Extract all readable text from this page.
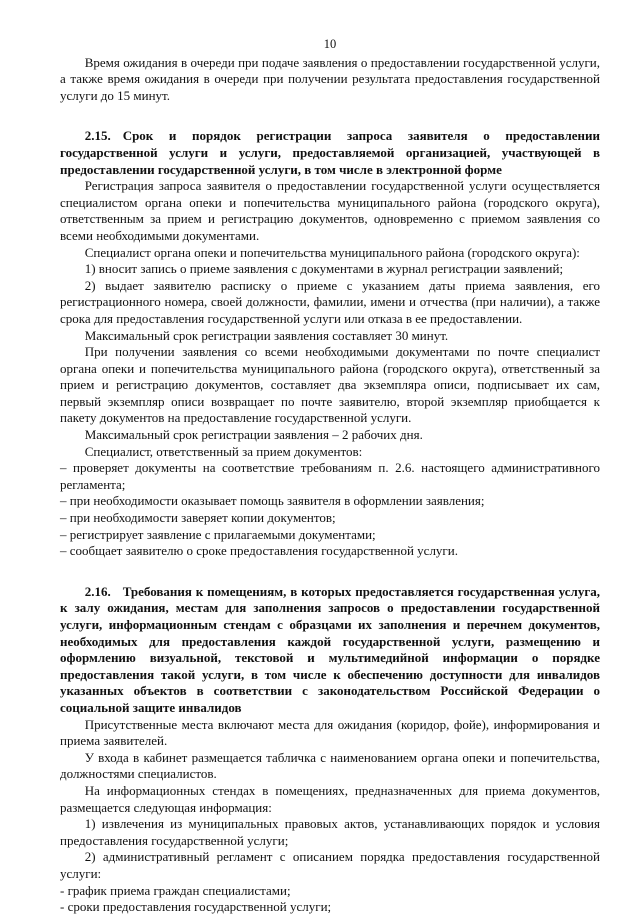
10

Время ожидания в очереди при подаче заявления о предоставлении государственной услуги, а также время ожидания в очереди при получении результата предоставления государственной услуги до 15 минут.

2.15. Срок и порядок регистрации запроса заявителя о предоставлении государственной услуги и услуги, предоставляемой организацией, участвующей в предоставлении государственной услуги, в том числе в электронной форме

Регистрация запроса заявителя о предоставлении государственной услуги осуществляется специалистом органа опеки и попечительства муниципального района (городского округа), ответственным за прием и регистрацию документов, одновременно с приемом заявления со всеми необходимыми документами.

Специалист органа опеки и попечительства муниципального района (городского округа):

1) вносит запись о приеме заявления с документами в журнал регистрации заявлений;

2) выдает заявителю расписку о приеме с указанием даты приема заявления, его регистрационного номера, своей должности, фамилии, имени и отчества (при наличии), а также срока для предоставления государственной услуги или отказа в ее предоставлении.

Максимальный срок регистрации заявления составляет 30 минут.

При получении заявления со всеми необходимыми документами по почте специалист органа опеки и попечительства муниципального района (городского округа), ответственный за прием и регистрацию документов, составляет два экземпляра описи, подписывает их сам, первый экземпляр описи возвращает по почте заявителю, второй экземпляр приобщается к пакету документов на предоставление государственной услуги.

Максимальный срок регистрации заявления – 2 рабочих дня.

Специалист, ответственный за прием документов:

– проверяет документы на соответствие требованиям п. 2.6. настоящего административного регламента;

– при необходимости оказывает помощь заявителя в оформлении заявления;

– при необходимости заверяет копии документов;

– регистрирует заявление с прилагаемыми документами;

– сообщает заявителю о сроке предоставления государственной услуги.

2.16. Требования к помещениям, в которых предоставляется государственная услуга, к залу ожидания, местам для заполнения запросов о предоставлении государственной услуги, информационным стендам с образцами их заполнения и перечнем документов, необходимых для предоставления каждой государственной услуги, размещению и оформлению визуальной, текстовой и мультимедийной информации о порядке предоставления такой услуги, в том числе к обеспечению доступности для инвалидов указанных объектов в соответствии с законодательством Российской Федерации о социальной защите инвалидов

Присутственные места включают места для ожидания (коридор, фойе), информирования и приема заявителей.

У входа в кабинет размещается табличка с наименованием органа опеки и попечительства, должностями специалистов.

На информационных стендах в помещениях, предназначенных для приема документов, размещается следующая информация:

1) извлечения из муниципальных правовых актов, устанавливающих порядок и условия предоставления государственной услуги;

2) административный регламент с описанием порядка предоставления государственной услуги:

- график приема граждан специалистами;

- сроки предоставления государственной услуги;
